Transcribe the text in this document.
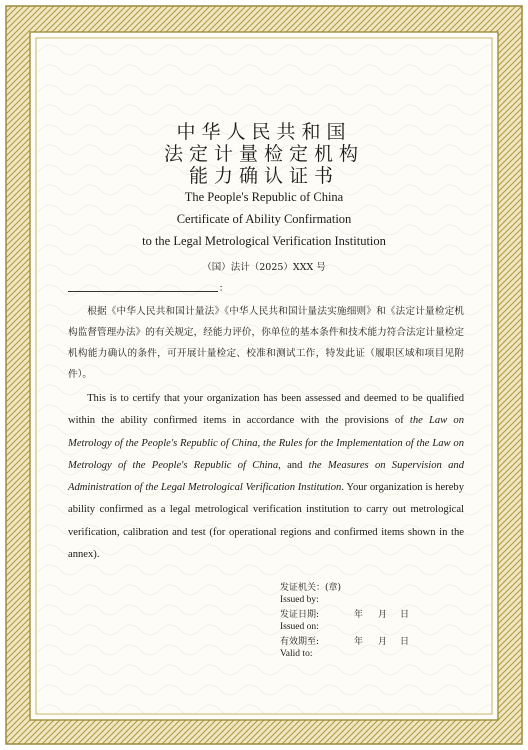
中华人民共和国
法定计量检定机构
能力确认证书
The People's Republic of China
Certificate of Ability Confirmation
to the Legal Metrological Verification Institution
（国）法计（2025）XXX 号
：
根据《中华人民共和国计量法》《中华人民共和国计量法实施细则》和《法定计量检定机构监督管理办法》的有关规定，经能力评价，你单位的基本条件和技术能力符合法定计量检定机构能力确认的条件，可开展计量检定、校准和测试工作，特发此证（履职区域和项目见附件）。
This is to certify that your organization has been assessed and deemed to be qualified within the ability confirmed items in accordance with the provisions of the Law on Metrology of the People's Republic of China, the Rules for the Implementation of the Law on Metrology of the People's Republic of China, and the Measures on Supervision and Administration of the Legal Metrological Verification Institution. Your organization is hereby ability confirmed as a legal metrological verification institution to carry out metrological verification, calibration and test (for operational regions and confirmed items shown in the annex).
发证机关：(章)
Issued by:
发证日期:	年 月 日
Issued on:
有效期至:	年 月 日
Valid to:
